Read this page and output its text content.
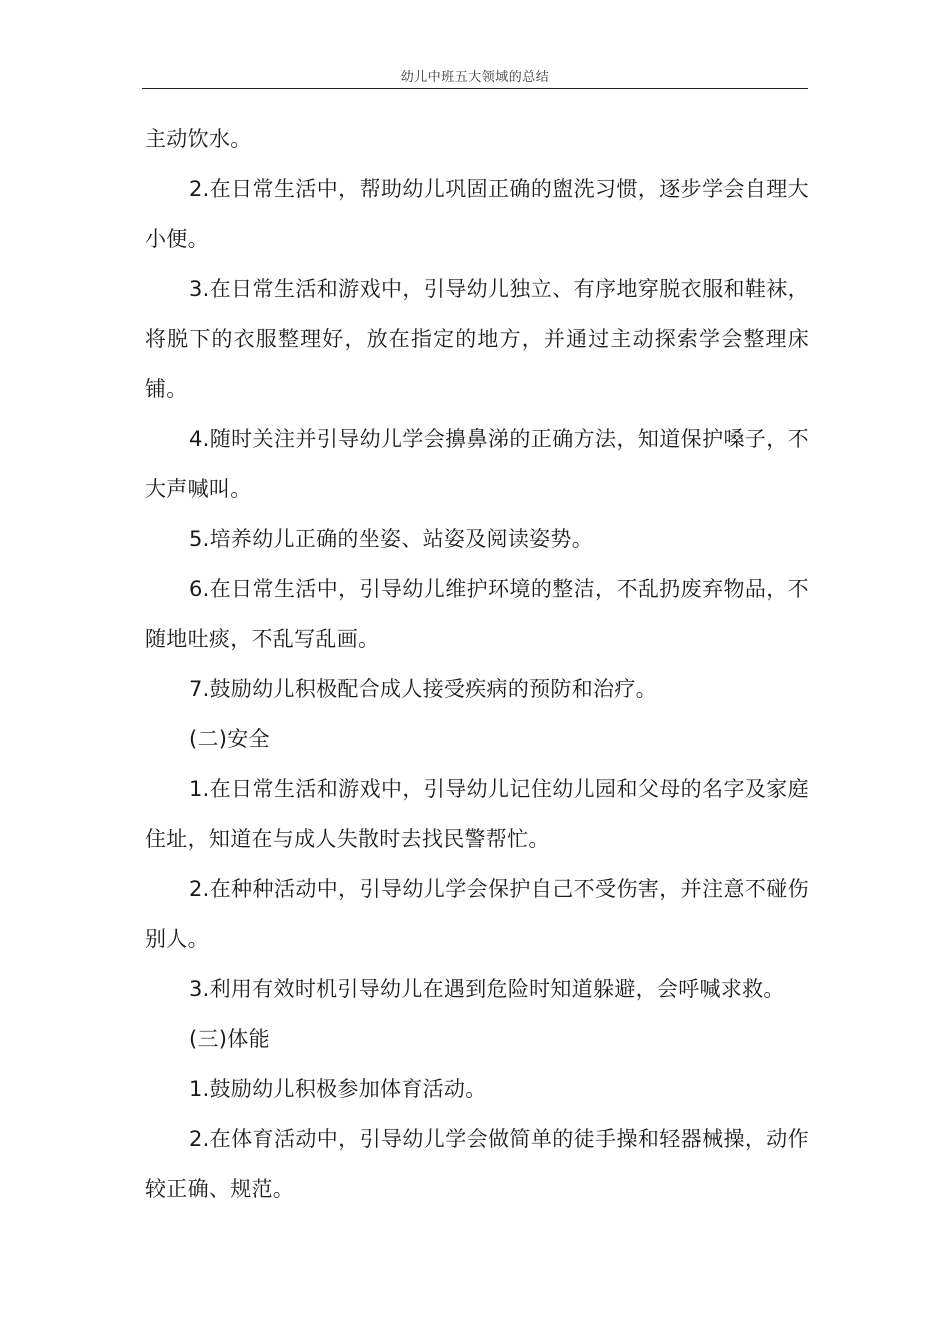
幼儿中班五大领域的总结

主动饮水。

2.在日常生活中，帮助幼儿巩固正确的盥洗习惯，逐步学会自理大小便。

3.在日常生活和游戏中，引导幼儿独立、有序地穿脱衣服和鞋袜，将脱下的衣服整理好，放在指定的地方，并通过主动探索学会整理床铺。

4.随时关注并引导幼儿学会擤鼻涕的正确方法，知道保护嗓子，不大声喊叫。

5.培养幼儿正确的坐姿、站姿及阅读姿势。

6.在日常生活中，引导幼儿维护环境的整洁，不乱扔废弃物品，不随地吐痰，不乱写乱画。

7.鼓励幼儿积极配合成人接受疾病的预防和治疗。

(二)安全

1.在日常生活和游戏中，引导幼儿记住幼儿园和父母的名字及家庭住址，知道在与成人失散时去找民警帮忙。

2.在种种活动中，引导幼儿学会保护自己不受伤害，并注意不碰伤别人。

3.利用有效时机引导幼儿在遇到危险时知道躲避，会呼喊求救。

(三)体能

1.鼓励幼儿积极参加体育活动。

2.在体育活动中，引导幼儿学会做简单的徒手操和轻器械操，动作较正确、规范。
